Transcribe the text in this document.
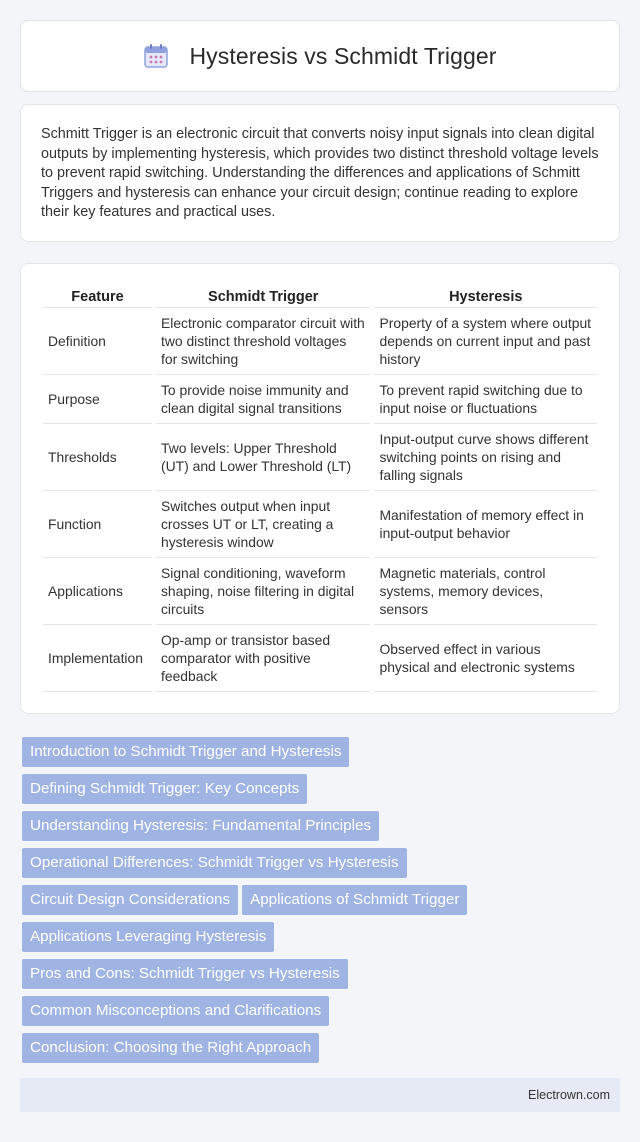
Hysteresis vs Schmidt Trigger

Schmitt Trigger is an electronic circuit that converts noisy input signals into clean digital outputs by implementing hysteresis, which provides two distinct threshold voltage levels to prevent rapid switching. Understanding the differences and applications of Schmitt Triggers and hysteresis can enhance your circuit design; continue reading to explore their key features and practical uses.

Feature	Schmidt Trigger	Hysteresis
Definition	Electronic comparator circuit with two distinct threshold voltages for switching	Property of a system where output depends on current input and past history
Purpose	To provide noise immunity and clean digital signal transitions	To prevent rapid switching due to input noise or fluctuations
Thresholds	Two levels: Upper Threshold (UT) and Lower Threshold (LT)	Input-output curve shows different switching points on rising and falling signals
Function	Switches output when input crosses UT or LT, creating a hysteresis window	Manifestation of memory effect in input-output behavior
Applications	Signal conditioning, waveform shaping, noise filtering in digital circuits	Magnetic materials, control systems, memory devices, sensors
Implementation	Op-amp or transistor based comparator with positive feedback	Observed effect in various physical and electronic systems
Introduction to Schmidt Trigger and Hysteresis
Defining Schmidt Trigger: Key Concepts
Understanding Hysteresis: Fundamental Principles
Operational Differences: Schmidt Trigger vs Hysteresis
Circuit Design Considerations	Applications of Schmidt Trigger
Applications Leveraging Hysteresis
Pros and Cons: Schmidt Trigger vs Hysteresis
Common Misconceptions and Clarifications
Conclusion: Choosing the Right Approach
Electrown.com
